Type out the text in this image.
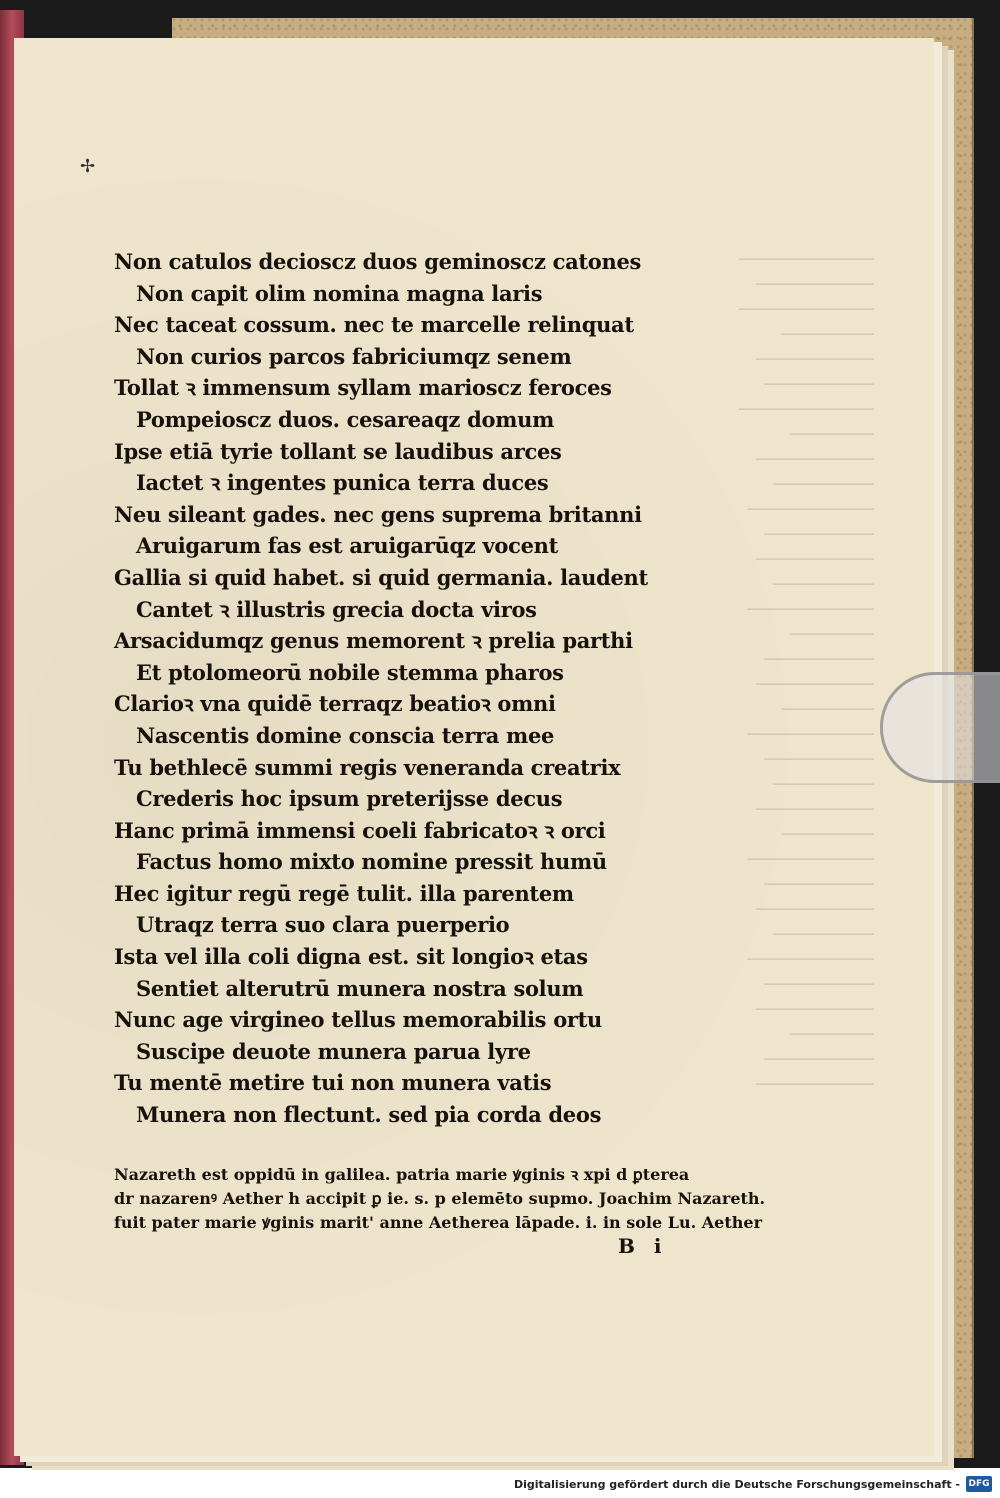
────────────────
──────────────
────────────────
───────────
──────────────
─────────────
────────────────
──────────
──────────────
────────────
───────────────
─────────────
──────────────
────────────
───────────────
──────────
─────────────
──────────────
───────────
───────────────
─────────────
────────────
──────────────
───────────
───────────────
─────────────
──────────────
────────────
───────────────
─────────────
──────────────
──────────
─────────────
──────────────

✢
Non catulos decioscz duos geminoscz catones
Non capit olim nomina magna laris
Nec taceat cossum. nec te marcelle relinquat
Non curios parcos fabriciumqz senem
Tollat ꝛ immensum syllam marioscz feroces
Pompeioscz duos. cesareaqz domum
Ipse etiā tyrie tollant se laudibus arces
Iactet ꝛ ingentes punica terra duces
Neu sileant gades. nec gens suprema britanni
Aruigarum fas est aruigarūqz vocent
Gallia si quid habet. si quid germania. laudent
Cantet ꝛ illustris grecia docta viros
Arsacidumqz genus memorent ꝛ prelia parthi
Et ptolomeorū nobile stemma pharos
Clarioꝛ vna quidē terraqz beatioꝛ omni
Nascentis domine conscia terra mee
Tu bethlecē summi regis veneranda creatrix
Crederis hoc ipsum preterijsse decus
Hanc primā immensi coeli fabricatoꝛ ꝛ orci
Factus homo mixto nomine pressit humū
Hec igitur regū regē tulit. illa parentem
Utraqz terra suo clara puerperio
Ista vel illa coli digna est. sit longioꝛ etas
Sentiet alterutrū munera nostra solum
Nunc age virgineo tellus memorabilis ortu
Suscipe deuote munera parua lyre
Tu mentē metire tui non munera vatis
Munera non flectunt. sed pia corda deos
Nazareth est oppidū in galilea. patria marie ꝟginis ꝛ xpi d ꝑterea
dr nazarenꝰ Aether h accipit ꝑ ie. s. p elemēto supmo. Joachim Nazareth.
fuit pater marie ꝟginis marit' anne Aetherea lāpade. i. in sole Lu. Aether
B i
Digitalisierung gefördert durch die Deutsche Forschungsgemeinschaft - DFG
